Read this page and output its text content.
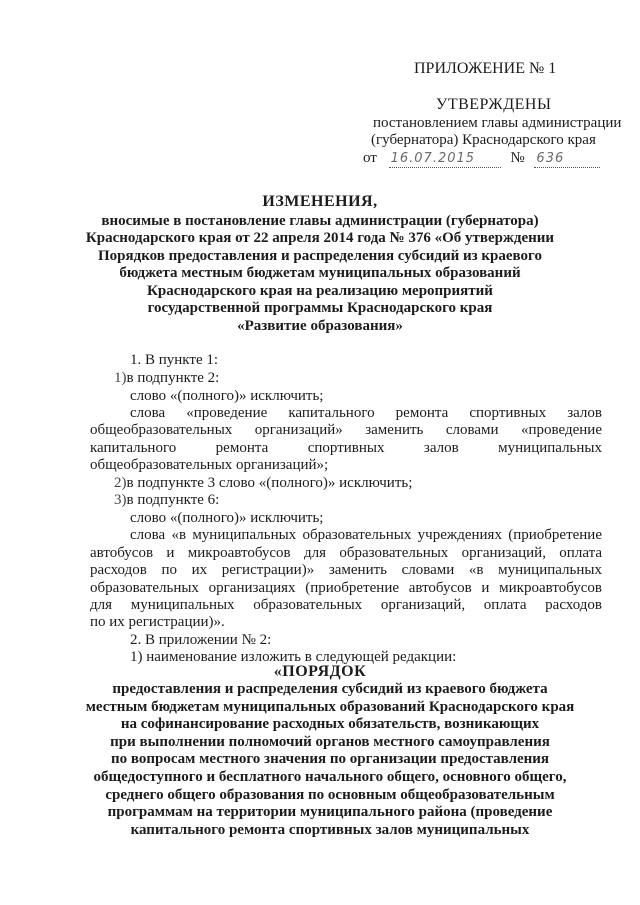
ПРИЛОЖЕНИЕ № 1
УТВЕРЖДЕНЫ
постановлением главы администрации
(губернатора) Краснодарского края
от 16.07.2015 № 636
ИЗМЕНЕНИЯ,
вносимые в постановление главы администрации (губернатора)
Краснодарского края от 22 апреля 2014 года № 376 «Об утверждении
Порядков предоставления и распределения субсидий из краевого
бюджета местным бюджетам муниципальных образований
Краснодарского края на реализацию мероприятий
государственной программы Краснодарского края
«Развитие образования»
1. В пункте 1:
1)в подпункте 2:
слово «(полного)» исключить;
слова «проведение капитального ремонта спортивных залов
общеобразовательных организаций» заменить словами «проведение
капитального ремонта спортивных залов муниципальных
общеобразовательных организаций»;
2)в подпункте 3 слово «(полного)» исключить;
3)в подпункте 6:
слово «(полного)» исключить;
слова «в муниципальных образовательных учреждениях (приобретение
автобусов и микроавтобусов для образовательных организаций, оплата
расходов по их регистрации)» заменить словами «в муниципальных
образовательных организациях (приобретение автобусов и микроавтобусов
для муниципальных образовательных организаций, оплата расходов
по их регистрации)».
2. В приложении № 2:
1) наименование изложить в следующей редакции:
«ПОРЯДОК
предоставления и распределения субсидий из краевого бюджета
местным бюджетам муниципальных образований Краснодарского края
на софинансирование расходных обязательств, возникающих
при выполнении полномочий органов местного самоуправления
по вопросам местного значения по организации предоставления
общедоступного и бесплатного начального общего, основного общего,
среднего общего образования по основным общеобразовательным
программам на территории муниципального района (проведение
капитального ремонта спортивных залов муниципальных
